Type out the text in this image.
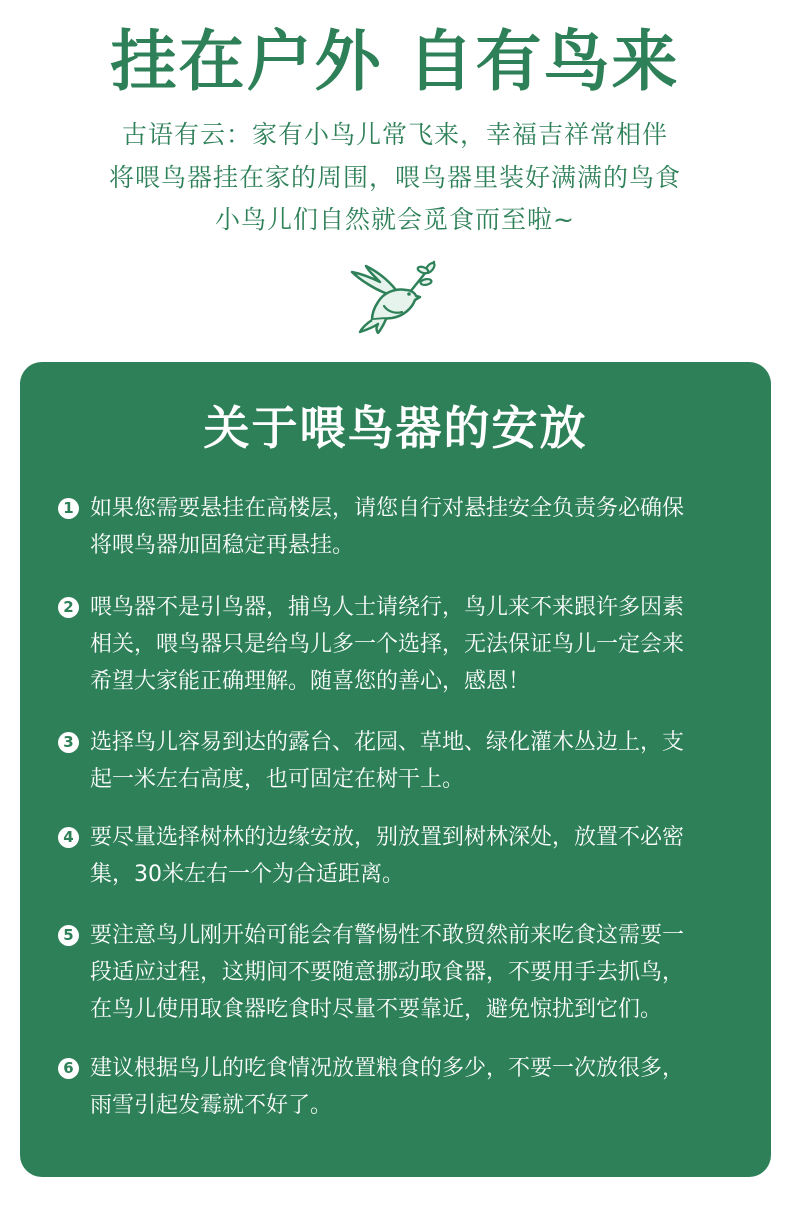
挂在户外 自有鸟来
古语有云：家有小鸟儿常飞来，幸福吉祥常相伴
将喂鸟器挂在家的周围，喂鸟器里装好满满的鸟食
小鸟儿们自然就会觅食而至啦~
关于喂鸟器的安放
1 如果您需要悬挂在高楼层，请您自行对悬挂安全负责务必确保
将喂鸟器加固稳定再悬挂。
2 喂鸟器不是引鸟器，捕鸟人士请绕行，鸟儿来不来跟许多因素
相关，喂鸟器只是给鸟儿多一个选择，无法保证鸟儿一定会来
希望大家能正确理解。随喜您的善心，感恩！
3 选择鸟儿容易到达的露台、花园、草地、绿化灌木丛边上，支
起一米左右高度，也可固定在树干上。
4 要尽量选择树林的边缘安放，别放置到树林深处，放置不必密
集，30米左右一个为合适距离。
5 要注意鸟儿刚开始可能会有警惕性不敢贸然前来吃食这需要一
段适应过程，这期间不要随意挪动取食器，不要用手去抓鸟，
在鸟儿使用取食器吃食时尽量不要靠近，避免惊扰到它们。
6 建议根据鸟儿的吃食情况放置粮食的多少，不要一次放很多，
雨雪引起发霉就不好了。
